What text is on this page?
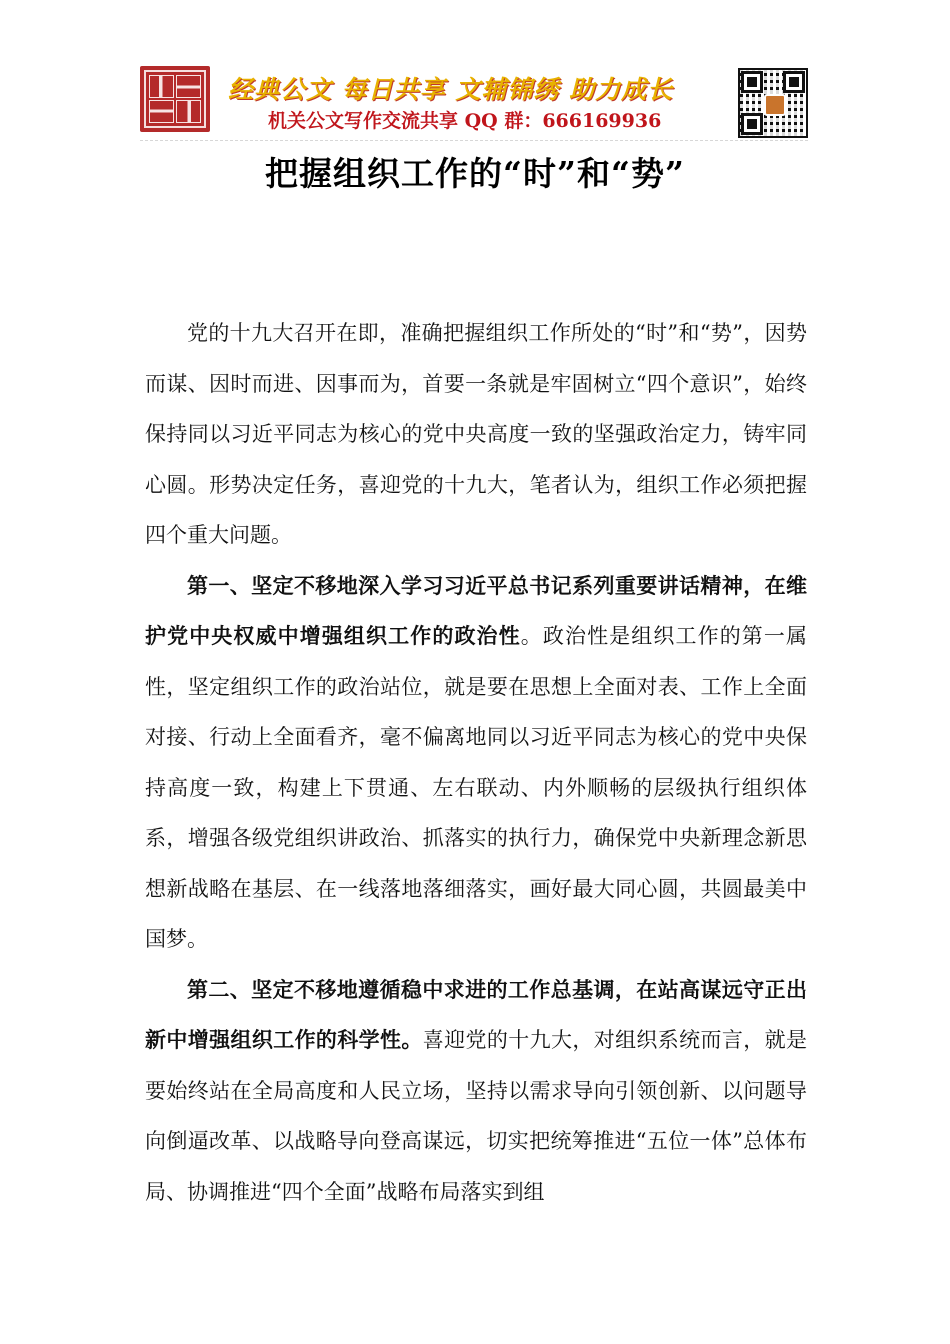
经典公文 每日共享 文辅锦绣 助力成长
机关公文写作交流共享 QQ 群：666169936
把握组织工作的“时”和“势”

党的十九大召开在即，准确把握组织工作所处的“时”和“势”，因势而谋、因时而进、因事而为，首要一条就是牢固树立“四个意识”，始终保持同以习近平同志为核心的党中央高度一致的坚强政治定力，铸牢同心圆。形势决定任务，喜迎党的十九大，笔者认为，组织工作必须把握四个重大问题。

第一、坚定不移地深入学习习近平总书记系列重要讲话精神，在维护党中央权威中增强组织工作的政治性。政治性是组织工作的第一属性，坚定组织工作的政治站位，就是要在思想上全面对表、工作上全面对接、行动上全面看齐，毫不偏离地同以习近平同志为核心的党中央保持高度一致，构建上下贯通、左右联动、内外顺畅的层级执行组织体系，增强各级党组织讲政治、抓落实的执行力，确保党中央新理念新思想新战略在基层、在一线落地落细落实，画好最大同心圆，共圆最美中国梦。

第二、坚定不移地遵循稳中求进的工作总基调，在站高谋远守正出新中增强组织工作的科学性。喜迎党的十九大，对组织系统而言，就是要始终站在全局高度和人民立场，坚持以需求导向引领创新、以问题导向倒逼改革、以战略导向登高谋远，切实把统筹推进“五位一体”总体布局、协调推进“四个全面”战略布局落实到组
